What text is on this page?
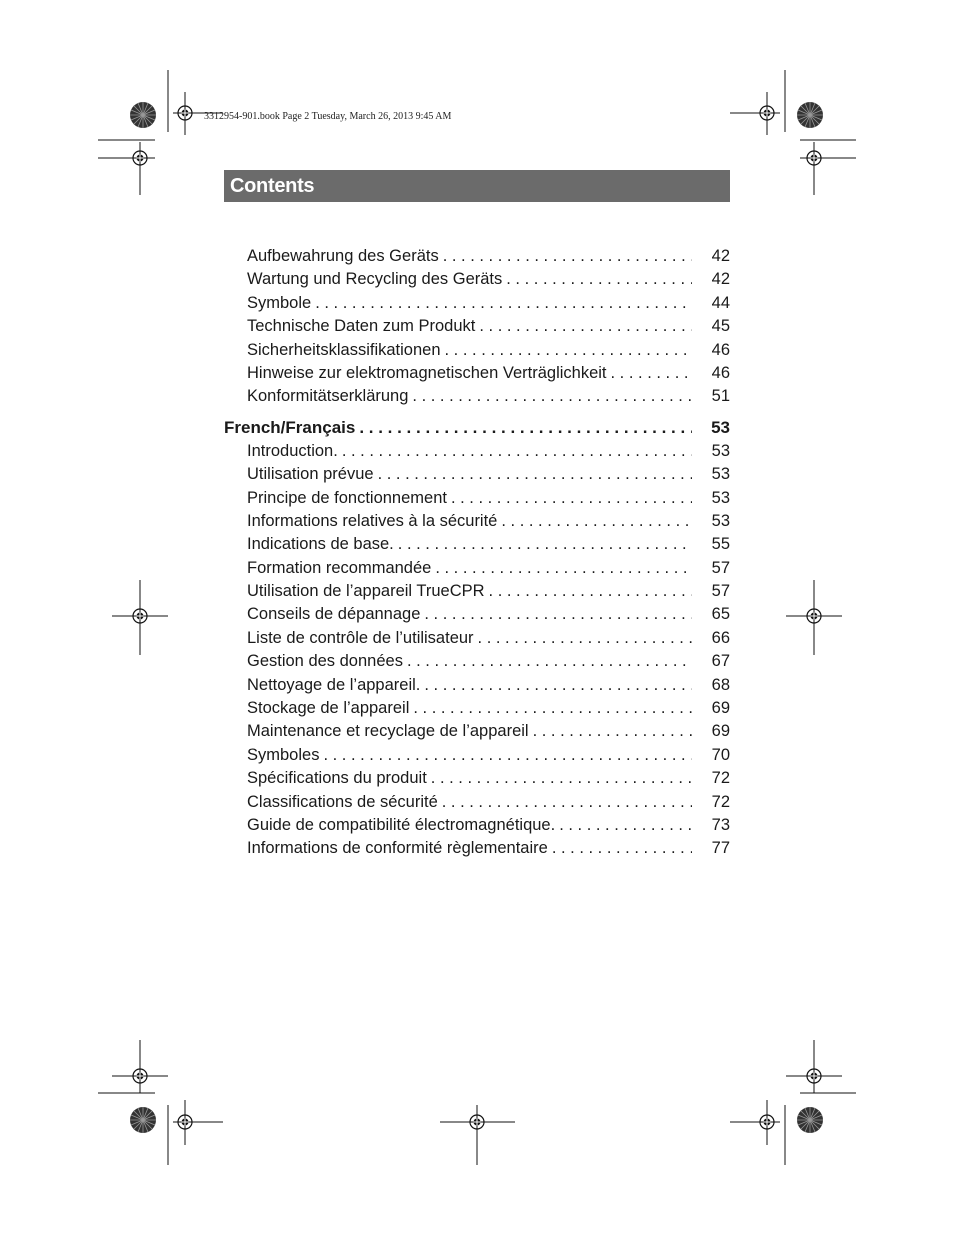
3312954-901.book Page 2 Tuesday, March 26, 2013 9:45 AM
Contents
Aufbewahrung des Geräts . . .	42
Wartung und Recycling des Geräts . . .	42
Symbole . . .	44
Technische Daten zum Produkt . . .	45
Sicherheitsklassifikationen . . .	46
Hinweise zur elektromagnetischen Verträglichkeit . . .	46
Konformitätserklärung . . .	51
French/Français . . .	53
Introduction. . . .	53
Utilisation prévue . . .	53
Principe de fonctionnement . . .	53
Informations relatives à la sécurité . . .	53
Indications de base. . . .	55
Formation recommandée . . .	57
Utilisation de l’appareil TrueCPR . . .	57
Conseils de dépannage . . .	65
Liste de contrôle de l’utilisateur . . .	66
Gestion des données . . .	67
Nettoyage de l’appareil. . . .	68
Stockage de l’appareil . . .	69
Maintenance et recyclage de l’appareil . . .	69
Symboles . . .	70
Spécifications du produit . . .	72
Classifications de sécurité . . .	72
Guide de compatibilité électromagnétique. . . .	73
Informations de conformité règlementaire . . .	77
